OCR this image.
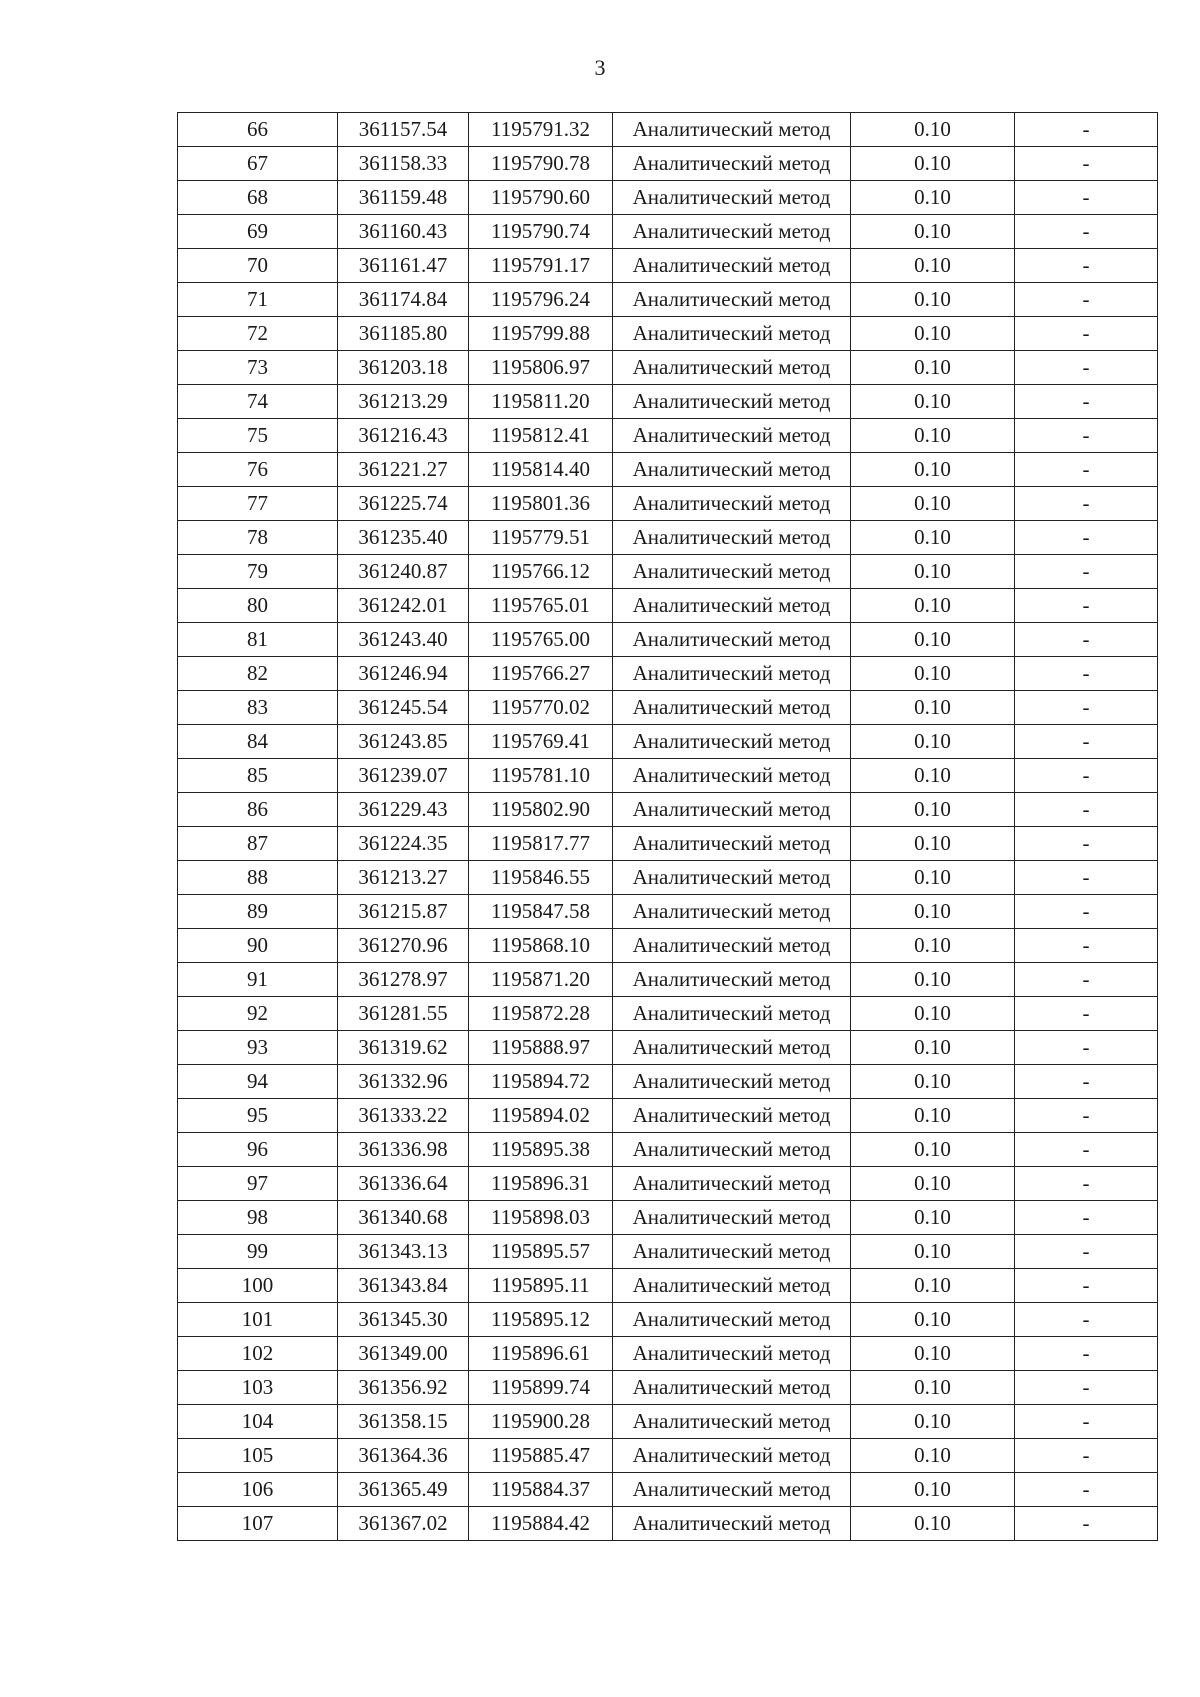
3
66	361157.54	1195791.32	Аналитический метод	0.10	-
67	361158.33	1195790.78	Аналитический метод	0.10	-
68	361159.48	1195790.60	Аналитический метод	0.10	-
69	361160.43	1195790.74	Аналитический метод	0.10	-
70	361161.47	1195791.17	Аналитический метод	0.10	-
71	361174.84	1195796.24	Аналитический метод	0.10	-
72	361185.80	1195799.88	Аналитический метод	0.10	-
73	361203.18	1195806.97	Аналитический метод	0.10	-
74	361213.29	1195811.20	Аналитический метод	0.10	-
75	361216.43	1195812.41	Аналитический метод	0.10	-
76	361221.27	1195814.40	Аналитический метод	0.10	-
77	361225.74	1195801.36	Аналитический метод	0.10	-
78	361235.40	1195779.51	Аналитический метод	0.10	-
79	361240.87	1195766.12	Аналитический метод	0.10	-
80	361242.01	1195765.01	Аналитический метод	0.10	-
81	361243.40	1195765.00	Аналитический метод	0.10	-
82	361246.94	1195766.27	Аналитический метод	0.10	-
83	361245.54	1195770.02	Аналитический метод	0.10	-
84	361243.85	1195769.41	Аналитический метод	0.10	-
85	361239.07	1195781.10	Аналитический метод	0.10	-
86	361229.43	1195802.90	Аналитический метод	0.10	-
87	361224.35	1195817.77	Аналитический метод	0.10	-
88	361213.27	1195846.55	Аналитический метод	0.10	-
89	361215.87	1195847.58	Аналитический метод	0.10	-
90	361270.96	1195868.10	Аналитический метод	0.10	-
91	361278.97	1195871.20	Аналитический метод	0.10	-
92	361281.55	1195872.28	Аналитический метод	0.10	-
93	361319.62	1195888.97	Аналитический метод	0.10	-
94	361332.96	1195894.72	Аналитический метод	0.10	-
95	361333.22	1195894.02	Аналитический метод	0.10	-
96	361336.98	1195895.38	Аналитический метод	0.10	-
97	361336.64	1195896.31	Аналитический метод	0.10	-
98	361340.68	1195898.03	Аналитический метод	0.10	-
99	361343.13	1195895.57	Аналитический метод	0.10	-
100	361343.84	1195895.11	Аналитический метод	0.10	-
101	361345.30	1195895.12	Аналитический метод	0.10	-
102	361349.00	1195896.61	Аналитический метод	0.10	-
103	361356.92	1195899.74	Аналитический метод	0.10	-
104	361358.15	1195900.28	Аналитический метод	0.10	-
105	361364.36	1195885.47	Аналитический метод	0.10	-
106	361365.49	1195884.37	Аналитический метод	0.10	-
107	361367.02	1195884.42	Аналитический метод	0.10	-
